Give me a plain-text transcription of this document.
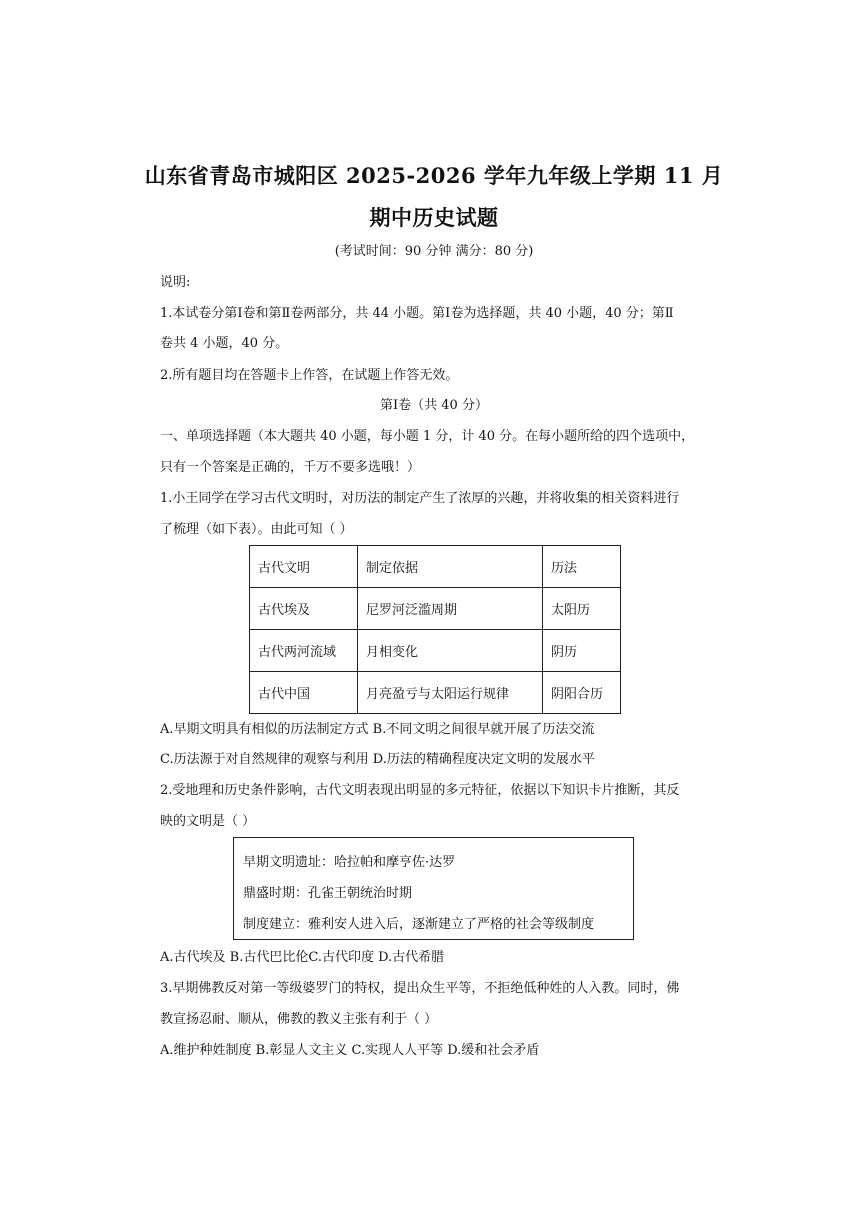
山东省青岛市城阳区 2025-2026 学年九年级上学期 11 月
期中历史试题
(考试时间：90 分钟 满分：80 分)
说明:
1.本试卷分第Ⅰ卷和第Ⅱ卷两部分，共 44 小题。第Ⅰ卷为选择题，共 40 小题，40 分；第Ⅱ
卷共 4 小题，40 分。
2.所有题目均在答题卡上作答，在试题上作答无效。
第Ⅰ卷（共 40 分）
一、单项选择题（本大题共 40 小题，每小题 1 分，计 40 分。在每小题所给的四个选项中，
只有一个答案是正确的，千万不要多选哦！）
1.小王同学在学习古代文明时，对历法的制定产生了浓厚的兴趣，并将收集的相关资料进行
了梳理（如下表）。由此可知（ ）
古代文明	制定依据	历法
古代埃及	尼罗河泛滥周期	太阳历
古代两河流域	月相变化	阴历
古代中国	月亮盈亏与太阳运行规律	阴阳合历
A.早期文明具有相似的历法制定方式 B.不同文明之间很早就开展了历法交流
C.历法源于对自然规律的观察与利用 D.历法的精确程度决定文明的发展水平
2.受地理和历史条件影响，古代文明表现出明显的多元特征，依据以下知识卡片推断，其反
映的文明是（ ）
早期文明遗址：哈拉帕和摩亨佐·达罗
鼎盛时期：孔雀王朝统治时期
制度建立：雅利安人进入后，逐渐建立了严格的社会等级制度
A.古代埃及 B.古代巴比伦C.古代印度 D.古代希腊
3.早期佛教反对第一等级婆罗门的特权，提出众生平等，不拒绝低种姓的人入教。同时，佛
教宣扬忍耐、顺从，佛教的教义主张有利于（ ）
A.维护种姓制度 B.彰显人文主义 C.实现人人平等 D.缓和社会矛盾
